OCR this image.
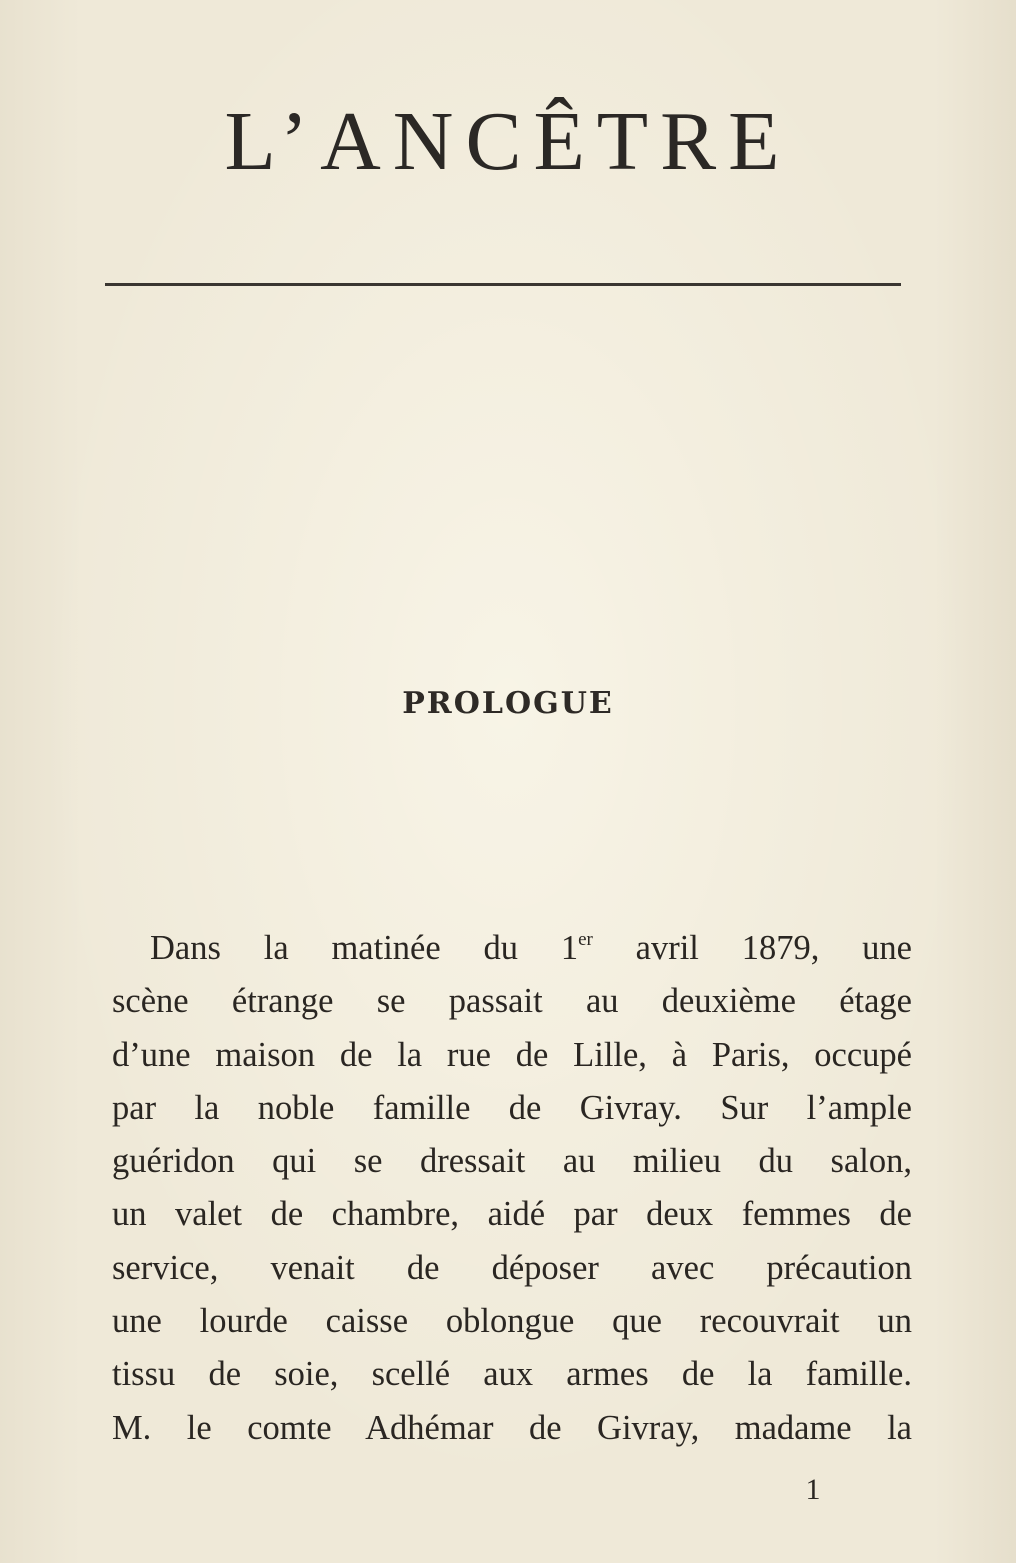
L’ANCÊTRE
PROLOGUE
Dans la matinée du 1er avril 1879, une
scène étrange se passait au deuxième étage
d’une maison de la rue de Lille, à Paris, occupé
par la noble famille de Givray. Sur l’ample
guéridon qui se dressait au milieu du salon,
un valet de chambre, aidé par deux femmes de
service, venait de déposer avec précaution
une lourde caisse oblongue que recouvrait un
tissu de soie, scellé aux armes de la famille.
M. le comte Adhémar de Givray, madame la
1
